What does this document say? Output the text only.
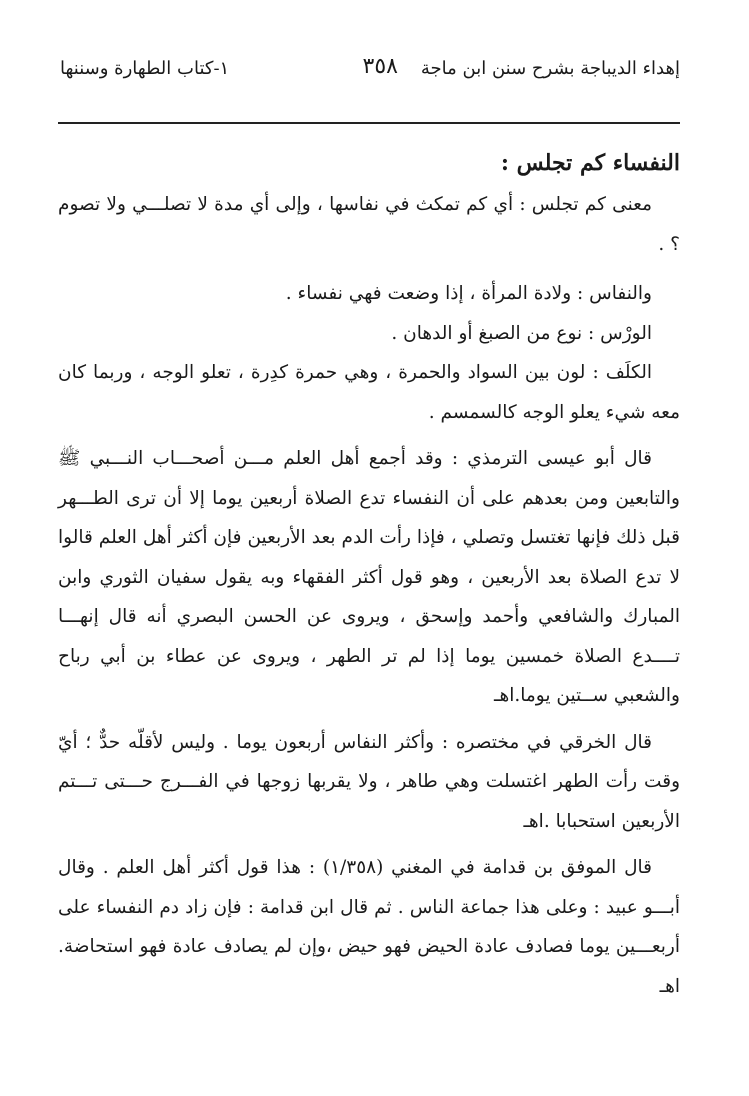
إهداء الديباجة بشرح سنن ابن ماجة
٣٥٨
١-كتاب الطهارة وسننها
النفساء كم تجلس :

معنى كم تجلس : أي كم تمكث في نفاسها ، وإلى أي مدة لا تصلـــي ولا تصوم ؟ .

والنفاس : ولادة المرأة ، إذا وضعت فهي نفساء .

الورْس : نوع من الصبغ أو الدهان .

الكلَف : لون بين السواد والحمرة ، وهي حمرة كدِرة ، تعلو الوجه ، وربما كان معه شيء يعلو الوجه كالسمسم .

قال أبو عيسى الترمذي : وقد أجمع أهل العلم مـــن أصحـــاب النـــبي ﷺ والتابعين ومن بعدهم على أن النفساء تدع الصلاة أربعين يوما إلا أن ترى الطـــهر قبل ذلك فإنها تغتسل وتصلي ، فإذا رأت الدم بعد الأربعين فإن أكثر أهل العلم قالوا لا تدع الصلاة بعد الأربعين ، وهو قول أكثر الفقهاء وبه يقول سفيان الثوري وابن المبارك والشافعي وأحمد وإسحق ، ويروى عن الحسن البصري أنه قال إنهـــا تــــدع الصلاة خمسين يوما إذا لم تر الطهر ، ويروى عن عطاء بن أبي رباح والشعبي ســتين يوما.اهـ

قال الخرقي في مختصره : وأكثر النفاس أربعون يوما . وليس لأقلّه حدٌّ ؛ أيّ وقت رأت الطهر اغتسلت وهي طاهر ، ولا يقربها زوجها في الفـــرج حـــتى تـــتم الأربعين استحبابا .اهـ

قال الموفق بن قدامة في المغني (١/٣٥٨) : هذا قول أكثر أهل العلم . وقال أبـــو عبيد : وعلى هذا جماعة الناس . ثم قال ابن قدامة : فإن زاد دم النفساء على أربعـــين يوما فصادف عادة الحيض فهو حيض ،وإن لم يصادف عادة فهو استحاضة. اهـ
